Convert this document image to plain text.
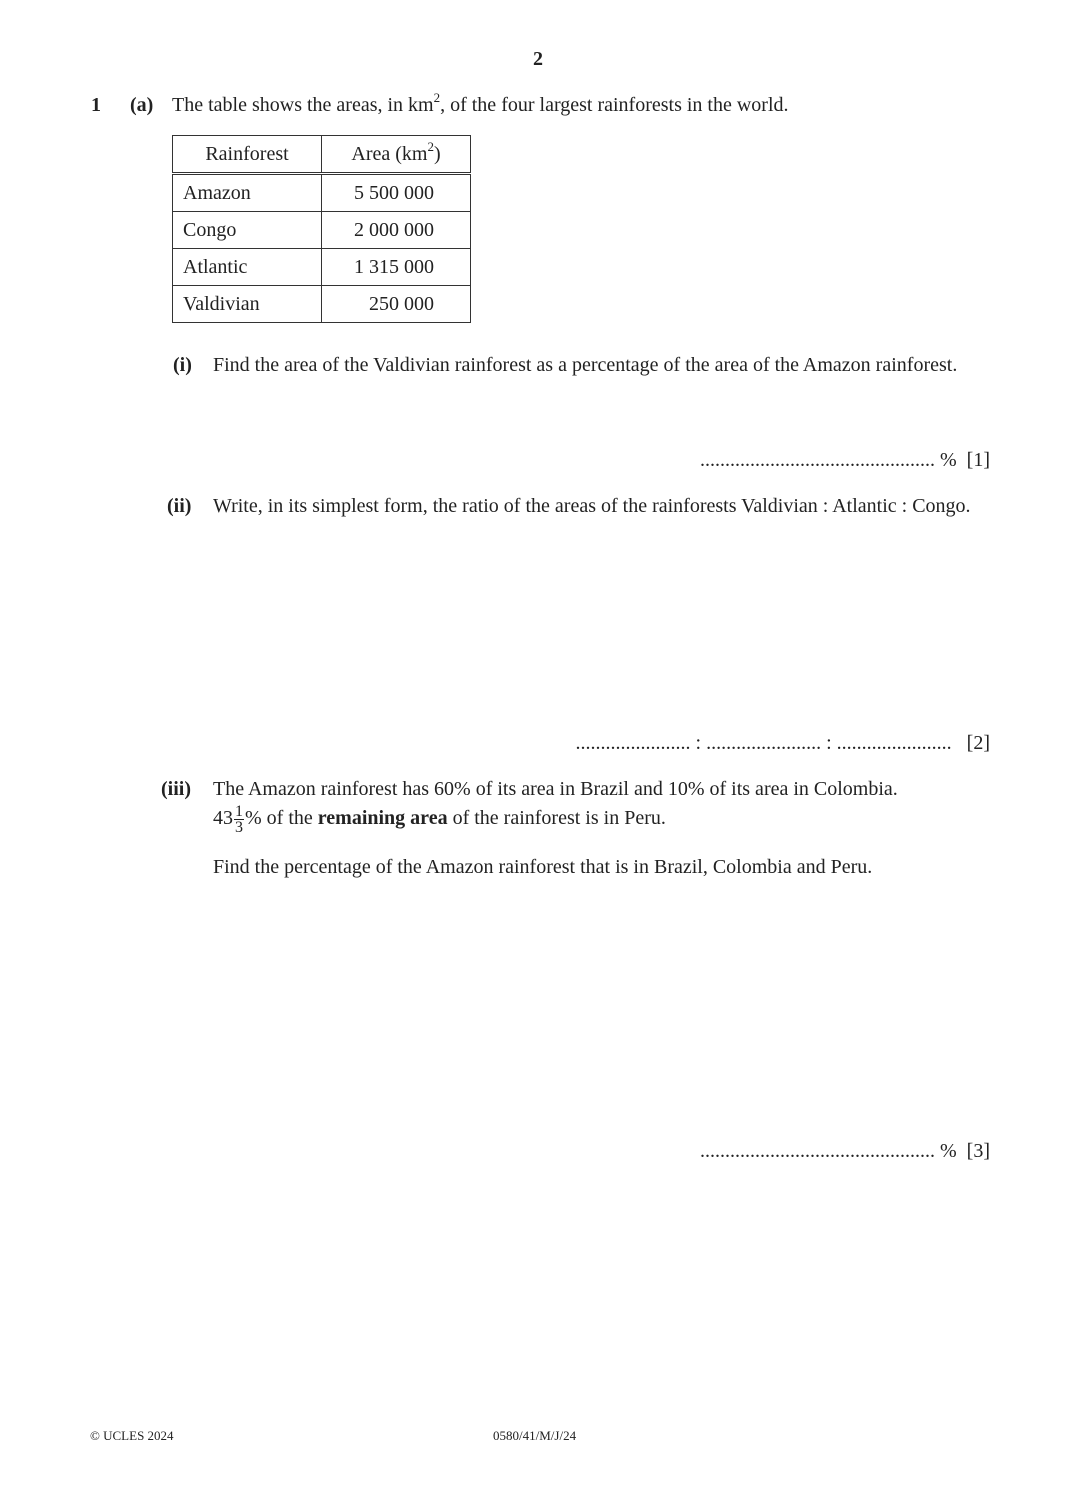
2
1 (a) The table shows the areas, in $km^2$, of the four largest rainforests in the world.
Rainforest	Area $(km^2)$
Amazon	5 500 000
Congo	2 000 000
Atlantic	1 315 000
Valdivian	250 000
(i) Find the area of the Valdivian rainforest as a percentage of the area of the Amazon rainforest.
............................................... % [1]
(ii) Write, in its simplest form, the ratio of the areas of the rainforests Valdivian : Atlantic : Congo.
....................... : ....................... : ....................... [2]
(iii) The Amazon rainforest has 60% of its area in Brazil and 10% of its area in Colombia.
$43 \frac{1}{3}$ % of the remaining area of the rainforest is in Peru.
Find the percentage of the Amazon rainforest that is in Brazil, Colombia and Peru.
............................................... % [3]
© UCLES 2024	0580/41/M/J/24
